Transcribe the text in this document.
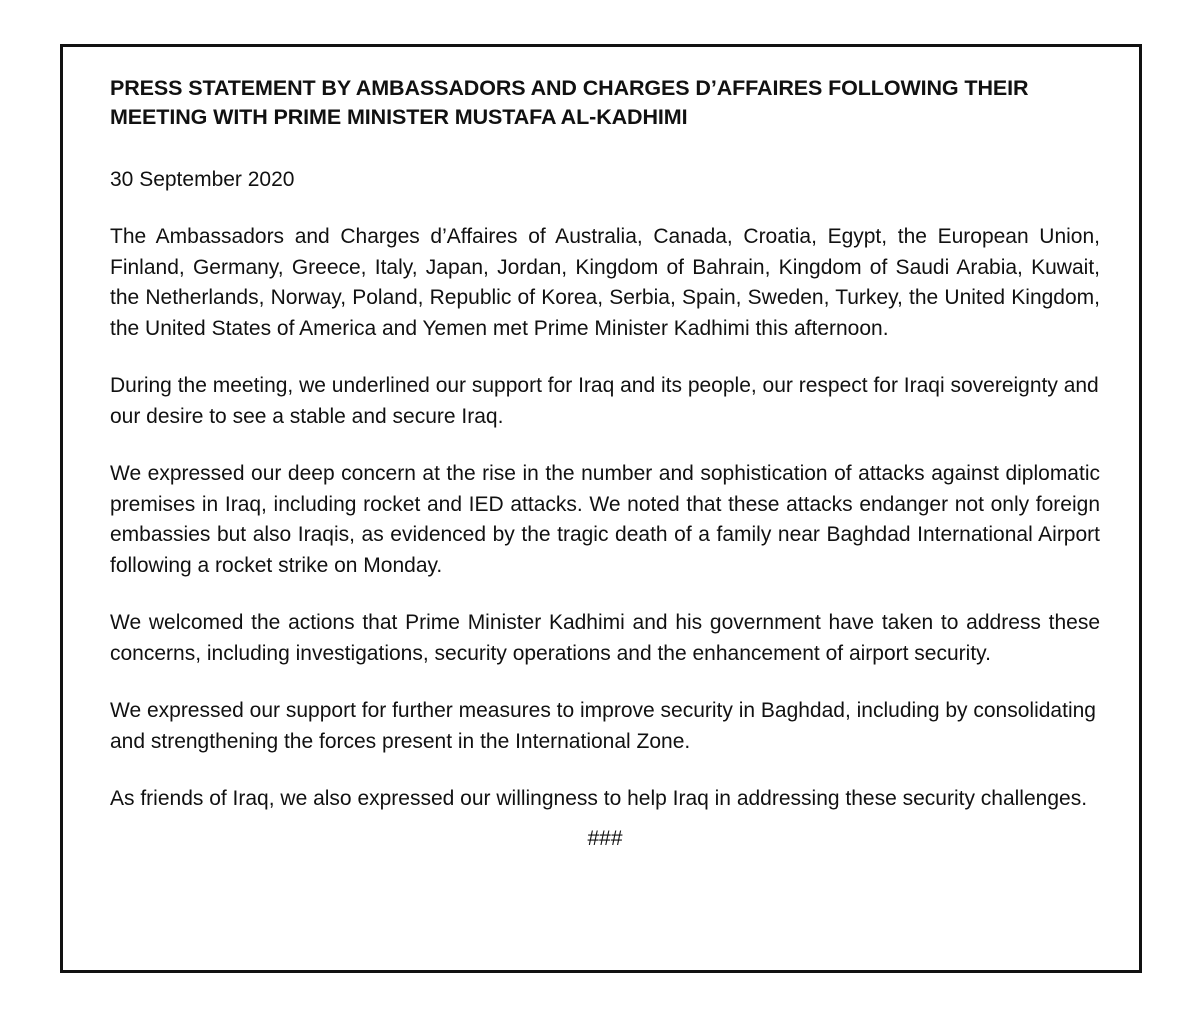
PRESS STATEMENT BY AMBASSADORS AND CHARGES D’AFFAIRES FOLLOWING THEIR MEETING WITH PRIME MINISTER MUSTAFA AL-KADHIMI

30 September 2020

The Ambassadors and Charges d’Affaires of Australia, Canada, Croatia, Egypt, the European Union, Finland, Germany, Greece, Italy, Japan, Jordan, Kingdom of Bahrain, Kingdom of Saudi Arabia, Kuwait, the Netherlands, Norway, Poland, Republic of Korea, Serbia, Spain, Sweden, Turkey, the United Kingdom, the United States of America and Yemen met Prime Minister Kadhimi this afternoon.

During the meeting, we underlined our support for Iraq and its people, our respect for Iraqi sovereignty and our desire to see a stable and secure Iraq.

We expressed our deep concern at the rise in the number and sophistication of attacks against diplomatic premises in Iraq, including rocket and IED attacks. We noted that these attacks endanger not only foreign embassies but also Iraqis, as evidenced by the tragic death of a family near Baghdad International Airport following a rocket strike on Monday.

We welcomed the actions that Prime Minister Kadhimi and his government have taken to address these concerns, including investigations, security operations and the enhancement of airport security.

We expressed our support for further measures to improve security in Baghdad, including by consolidating and strengthening the forces present in the International Zone.

As friends of Iraq, we also expressed our willingness to help Iraq in addressing these security challenges.

###
